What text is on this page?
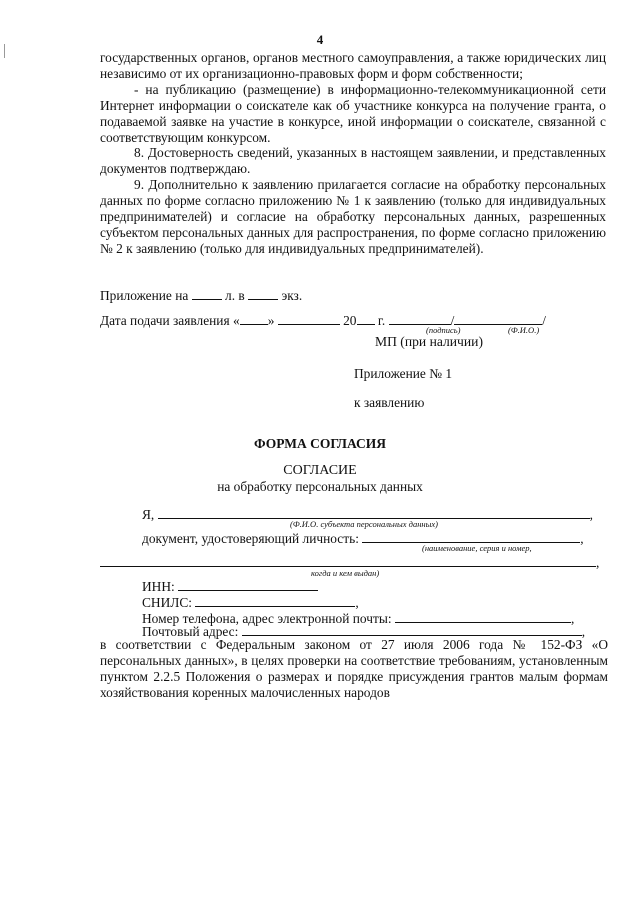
4

государственных органов, органов местного самоуправления, а также юридических лиц независимо от их организационно-правовых форм и форм собственности;

- на публикацию (размещение) в информационно-телекоммуникационной сети Интернет информации о соискателе как об участнике конкурса на получение гранта, о подаваемой заявке на участие в конкурсе, иной информации о соискателе, связанной с соответствующим конкурсом.

8. Достоверность сведений, указанных в настоящем заявлении, и представленных документов подтверждаю.

9. Дополнительно к заявлению прилагается согласие на обработку персональных данных по форме согласно приложению № 1 к заявлению (только для индивидуальных предпринимателей) и согласие на обработку персональных данных, разрешенных субъектом персональных данных для распространения, по форме согласно приложению № 2 к заявлению (только для индивидуальных предпринимателей).

Приложение на	л. в	экз.
Дата подачи заявления « »	20 г.	/	/
(подпись)	(Ф.И.О.)
МП (при наличии)
Приложение № 1
к заявлению
ФОРМА СОГЛАСИЯ
СОГЛАСИЕ
на обработку персональных данных
Я,	,
(Ф.И.О. субъекта персональных данных)
документ, удостоверяющий личность:	,
(наименование, серия и номер,
,
когда и кем выдан)
ИНН:
СНИЛС:	,
Номер телефона, адрес электронной почты:	,
Почтовый адрес:	,

в соответствии с Федеральным законом от 27 июля 2006 года № 152-ФЗ «О персональных данных», в целях проверки на соответствие требованиям, установленным пунктом 2.2.5 Положения о размерах и порядке присуждения грантов малым формам хозяйствования коренных малочисленных народов
